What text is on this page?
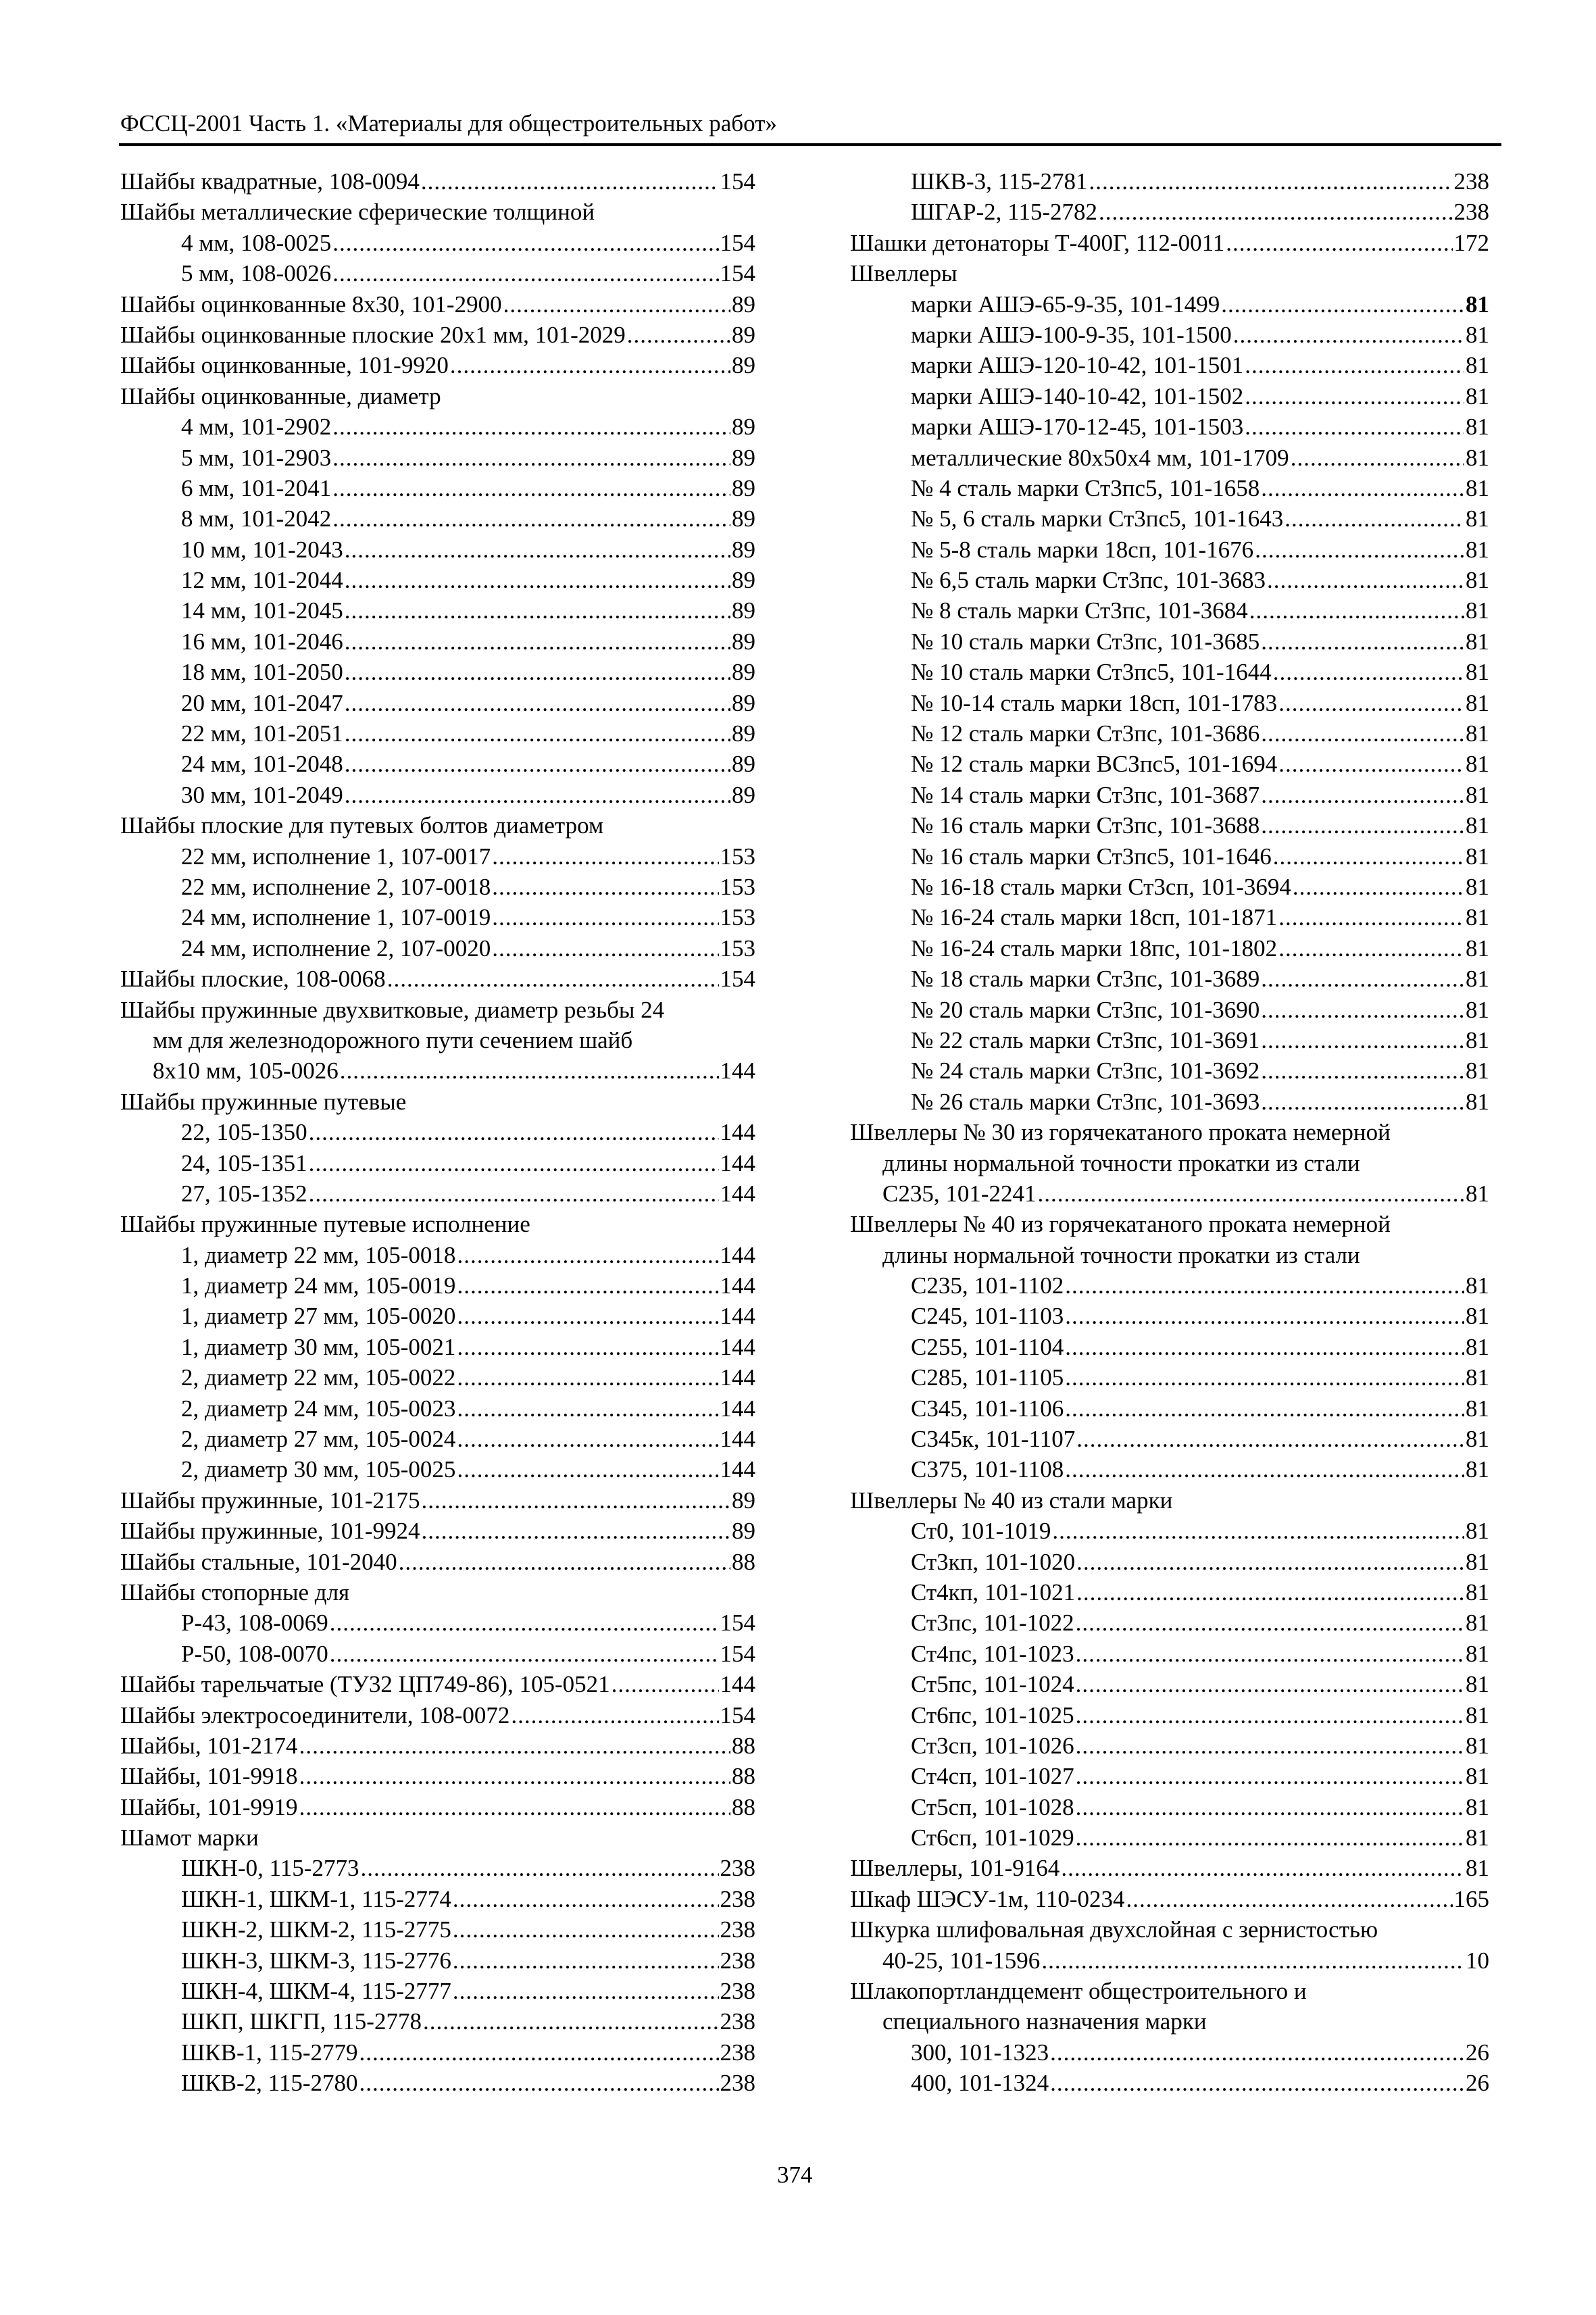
ФССЦ-2001 Часть 1. «Материалы для общестроительных работ»
Шайбы квадратные, 108-0094 .....	154
Шайбы металлические сферические толщиной
4 мм, 108-0025 .....	154
5 мм, 108-0026 .....	154
Шайбы оцинкованные 8x30, 101-2900 .....	89
Шайбы оцинкованные плоские 20x1 мм, 101-2029 .....	89
Шайбы оцинкованные, 101-9920 .....	89
Шайбы оцинкованные, диаметр
4 мм, 101-2902 .....	89
5 мм, 101-2903 .....	89
6 мм, 101-2041 .....	89
8 мм, 101-2042 .....	89
10 мм, 101-2043 .....	89
12 мм, 101-2044 .....	89
14 мм, 101-2045 .....	89
16 мм, 101-2046 .....	89
18 мм, 101-2050 .....	89
20 мм, 101-2047 .....	89
22 мм, 101-2051 .....	89
24 мм, 101-2048 .....	89
30 мм, 101-2049 .....	89
Шайбы плоские для путевых болтов диаметром
22 мм, исполнение 1, 107-0017 .....	153
22 мм, исполнение 2, 107-0018 .....	153
24 мм, исполнение 1, 107-0019 .....	153
24 мм, исполнение 2, 107-0020 .....	153
Шайбы плоские, 108-0068 .....	154
Шайбы пружинные двухвитковые, диаметр резьбы 24
мм для железнодорожного пути сечением шайб
8x10 мм, 105-0026 .....	144
Шайбы пружинные путевые
22, 105-1350 .....	144
24, 105-1351 .....	144
27, 105-1352 .....	144
Шайбы пружинные путевые исполнение
1, диаметр 22 мм, 105-0018 .....	144
1, диаметр 24 мм, 105-0019 .....	144
1, диаметр 27 мм, 105-0020 .....	144
1, диаметр 30 мм, 105-0021 .....	144
2, диаметр 22 мм, 105-0022 .....	144
2, диаметр 24 мм, 105-0023 .....	144
2, диаметр 27 мм, 105-0024 .....	144
2, диаметр 30 мм, 105-0025 .....	144
Шайбы пружинные, 101-2175 .....	89
Шайбы пружинные, 101-9924 .....	89
Шайбы стальные, 101-2040 .....	88
Шайбы стопорные для
Р-43, 108-0069 .....	154
Р-50, 108-0070 .....	154
Шайбы тарельчатые (ТУ32 ЦП749-86), 105-0521 .....	144
Шайбы электросоединители, 108-0072 .....	154
Шайбы, 101-2174 .....	88
Шайбы, 101-9918 .....	88
Шайбы, 101-9919 .....	88
Шамот марки
ШКН-0, 115-2773 .....	238
ШКН-1, ШКМ-1, 115-2774 .....	238
ШКН-2, ШКМ-2, 115-2775 .....	238
ШКН-3, ШКМ-3, 115-2776 .....	238
ШКН-4, ШКМ-4, 115-2777 .....	238
ШКП, ШКГП, 115-2778 .....	238
ШКВ-1, 115-2779 .....	238
ШКВ-2, 115-2780 .....	238
ШКВ-3, 115-2781 .....	238
ШГАР-2, 115-2782 .....	238
Шашки детонаторы Т-400Г, 112-0011 .....	172
Швеллеры
марки АШЭ-65-9-35, 101-1499 .....	81
марки АШЭ-100-9-35, 101-1500 .....	81
марки АШЭ-120-10-42, 101-1501 .....	81
марки АШЭ-140-10-42, 101-1502 .....	81
марки АШЭ-170-12-45, 101-1503 .....	81
металлические 80x50x4 мм, 101-1709 .....	81
№ 4 сталь марки Ст3пс5, 101-1658 .....	81
№ 5, 6 сталь марки Ст3пс5, 101-1643 .....	81
№ 5-8 сталь марки 18сп, 101-1676 .....	81
№ 6,5 сталь марки Ст3пс, 101-3683 .....	81
№ 8 сталь марки Ст3пс, 101-3684 .....	81
№ 10 сталь марки Ст3пс, 101-3685 .....	81
№ 10 сталь марки Ст3пс5, 101-1644 .....	81
№ 10-14 сталь марки 18сп, 101-1783 .....	81
№ 12 сталь марки Ст3пс, 101-3686 .....	81
№ 12 сталь марки ВСЗпс5, 101-1694 .....	81
№ 14 сталь марки Ст3пс, 101-3687 .....	81
№ 16 сталь марки Ст3пс, 101-3688 .....	81
№ 16 сталь марки Ст3пс5, 101-1646 .....	81
№ 16-18 сталь марки Ст3сп, 101-3694 .....	81
№ 16-24 сталь марки 18сп, 101-1871 .....	81
№ 16-24 сталь марки 18пс, 101-1802 .....	81
№ 18 сталь марки Ст3пс, 101-3689 .....	81
№ 20 сталь марки Ст3пс, 101-3690 .....	81
№ 22 сталь марки Ст3пс, 101-3691 .....	81
№ 24 сталь марки Ст3пс, 101-3692 .....	81
№ 26 сталь марки Ст3пс, 101-3693 .....	81
Швеллеры № 30 из горячекатаного проката немерной
длины нормальной точности прокатки из стали
С235, 101-2241 .....	81
Швеллеры № 40 из горячекатаного проката немерной
длины нормальной точности прокатки из стали
С235, 101-1102 .....	81
С245, 101-1103 .....	81
С255, 101-1104 .....	81
С285, 101-1105 .....	81
С345, 101-1106 .....	81
С345к, 101-1107 .....	81
С375, 101-1108 .....	81
Швеллеры № 40 из стали марки
Ст0, 101-1019 .....	81
Ст3кп, 101-1020 .....	81
Ст4кп, 101-1021 .....	81
Ст3пс, 101-1022 .....	81
Ст4пс, 101-1023 .....	81
Ст5пс, 101-1024 .....	81
Ст6пс, 101-1025 .....	81
Ст3сп, 101-1026 .....	81
Ст4сп, 101-1027 .....	81
Ст5сп, 101-1028 .....	81
Ст6сп, 101-1029 .....	81
Швеллеры, 101-9164 .....	81
Шкаф ШЭСУ-1м, 110-0234 .....	165
Шкурка шлифовальная двухслойная с зернистостью
40-25, 101-1596 .....	10
Шлакопортландцемент общестроительного и
специального назначения марки
300, 101-1323 .....	26
400, 101-1324 .....	26
374
